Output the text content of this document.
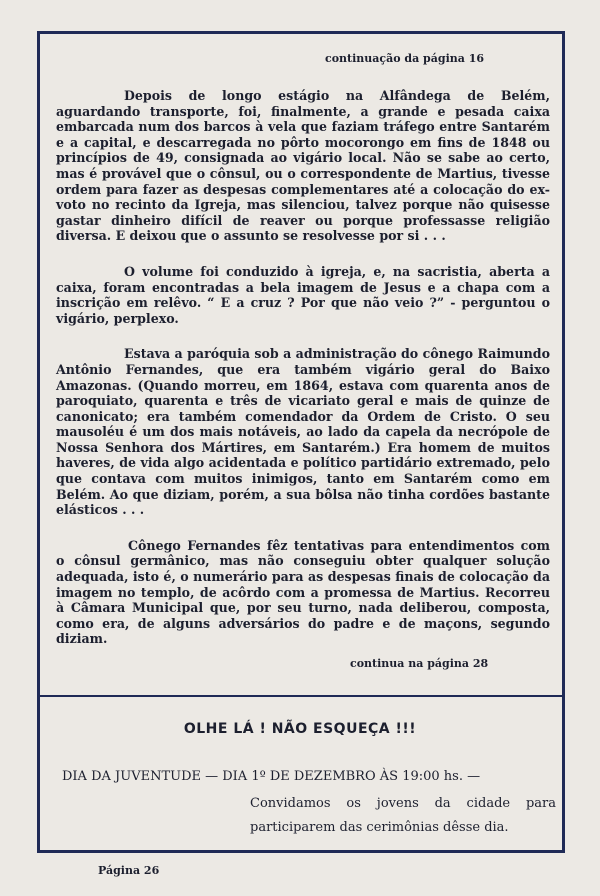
continuação da página 16

Depois de longo estágio na Alfândega de Belém, aguardando transporte, foi, finalmente, a grande e pesada caixa embarcada num dos barcos à vela que faziam tráfego entre Santarém e a capital, e descarregada no pôrto mocorongo em fins de 1848 ou princípios de 49, consignada ao vigário local. Não se sabe ao certo, mas é provável que o cônsul, ou o correspondente de Martius, tivesse ordem para fazer as despesas complementares até a colocação do ex-voto no recinto da Igreja, mas silenciou, talvez porque não quisesse gastar dinheiro difícil de reaver ou porque professasse religião diversa. E deixou que o assunto se resolvesse por si . . .

O volume foi conduzido à igreja, e, na sacristia, aberta a caixa, foram encontradas a bela imagem de Jesus e a chapa com a inscrição em relêvo. “ E a cruz ? Por que não veio ?” - perguntou o vigário, perplexo.

Estava a paróquia sob a administração do cônego Raimundo Antônio Fernandes, que era também vigário geral do Baixo Amazonas. (Quando morreu, em 1864, estava com quarenta anos de paroquiato, quarenta e três de vicariato geral e mais de quinze de canonicato; era também comendador da Ordem de Cristo. O seu mausoléu é um dos mais notáveis, ao lado da capela da necrópole de Nossa Senhora dos Mártires, em Santarém.) Era homem de muitos haveres, de vida algo acidentada e político partidário extremado, pelo que contava com muitos inimigos, tanto em Santarém como em Belém. Ao que diziam, porém, a sua bôlsa não tinha cordões bastante elásticos . . .

Cônego Fernandes fêz tentativas para entendimentos com o cônsul germânico, mas não conseguiu obter qualquer solução adequada, isto é, o numerário para as despesas finais de colocação da imagem no templo, de acôrdo com a promessa de Martius. Recorreu à Câmara Municipal que, por seu turno, nada deliberou, composta, como era, de alguns adversários do padre e de maçons, segundo diziam.

continua na página 28
OLHE LÁ ! NÃO ESQUEÇA !!!
DIA DA JUVENTUDE — DIA 1º DE DEZEMBRO ÀS 19:00 hs. —
Convidamos os jovens da cidade para participarem das cerimônias dêsse dia.
Página 26
